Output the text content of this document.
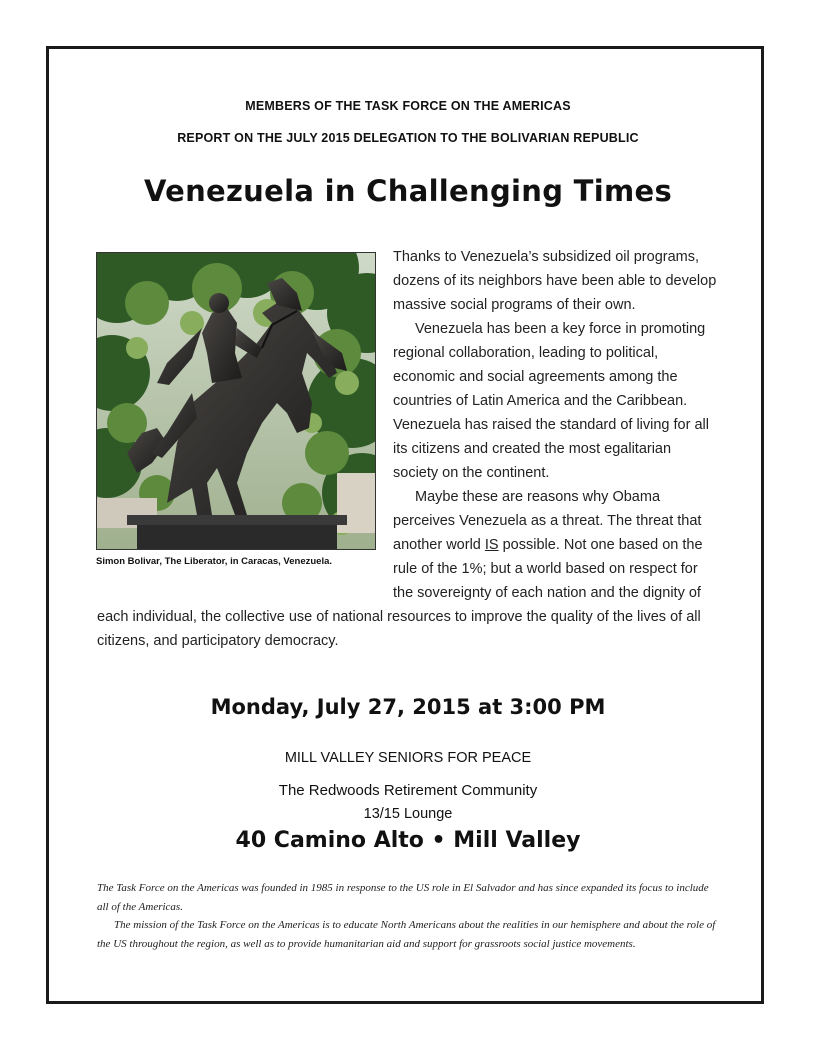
MEMBERS OF THE TASK FORCE ON THE AMERICAS
REPORT ON THE JULY 2015 DELEGATION TO THE BOLIVARIAN REPUBLIC
Venezuela in Challenging Times

Thanks to Venezuela’s subsidized oil programs, dozens of its neighbors have been able to develop massive social programs of their own.

Venezuela has been a key force in promoting regional collaboration, leading to political, economic and social agreements among the countries of Latin America and the Caribbean. Venezuela has raised the standard of living for all its citizens and created the most egalitarian society on the continent.

Maybe these are reasons why Obama perceives Venezuela as a threat. The threat that another world IS possible. Not one based on the rule of the 1%; but a world based on respect for the sovereignty of each nation and the dignity of each individual, the collective use of national resources to improve the quality of the lives of all citizens, and participatory democracy.

Simon Bolivar, The Liberator, in Caracas, Venezuela.
Monday, July 27, 2015 at 3:00 PM
MILL VALLEY SENIORS FOR PEACE
The Redwoods Retirement Community
13/15 Lounge
40 Camino Alto • Mill Valley

The Task Force on the Americas was founded in 1985 in response to the US role in El Salvador and has since expanded its focus to include all of the Americas.

The mission of the Task Force on the Americas is to educate North Americans about the realities in our hemisphere and about the role of the US throughout the region, as well as to provide humanitarian aid and support for grassroots social justice movements.
